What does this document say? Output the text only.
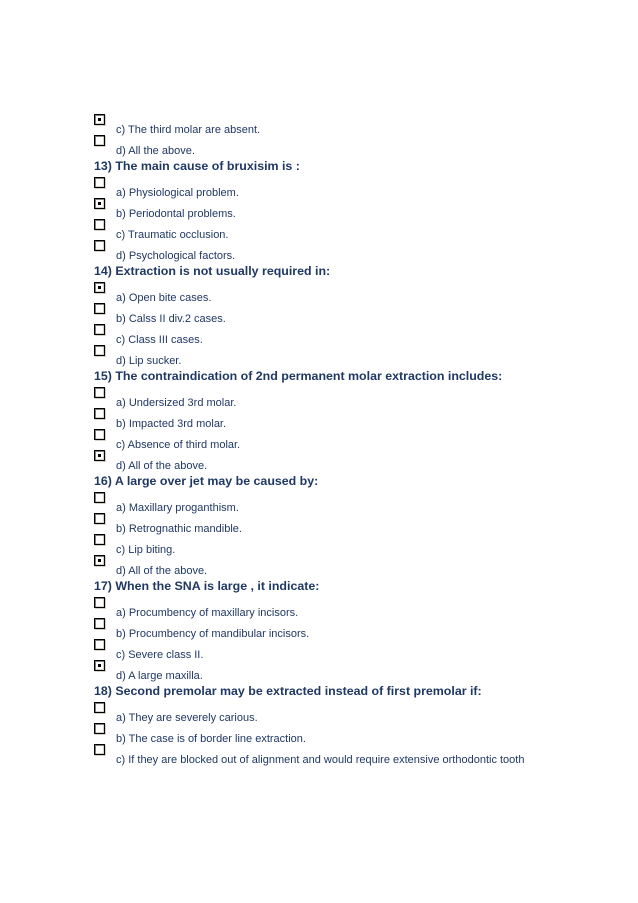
c) The third molar are absent.
d) All the above.
13) The main cause of bruxisim is :
a) Physiological problem.
b) Periodontal problems.
c) Traumatic occlusion.
d) Psychological factors.
14) Extraction is not usually required in:
a) Open bite cases.
b) Calss II div.2 cases.
c) Class III cases.
d) Lip sucker.
15) The contraindication of 2nd permanent molar extraction includes:
a) Undersized 3rd molar.
b) Impacted 3rd molar.
c) Absence of third molar.
d) All of the above.
16) A large over jet may be caused by:
a) Maxillary proganthism.
b) Retrognathic mandible.
c) Lip biting.
d) All of the above.
17) When the SNA is large , it indicate:
a) Procumbency of maxillary incisors.
b) Procumbency of mandibular incisors.
c) Severe class II.
d) A large maxilla.
18) Second premolar may be extracted instead of first premolar if:
a) They are severely carious.
b) The case is of border line extraction.
c) If they are blocked out of alignment and would require extensive orthodontic tooth
